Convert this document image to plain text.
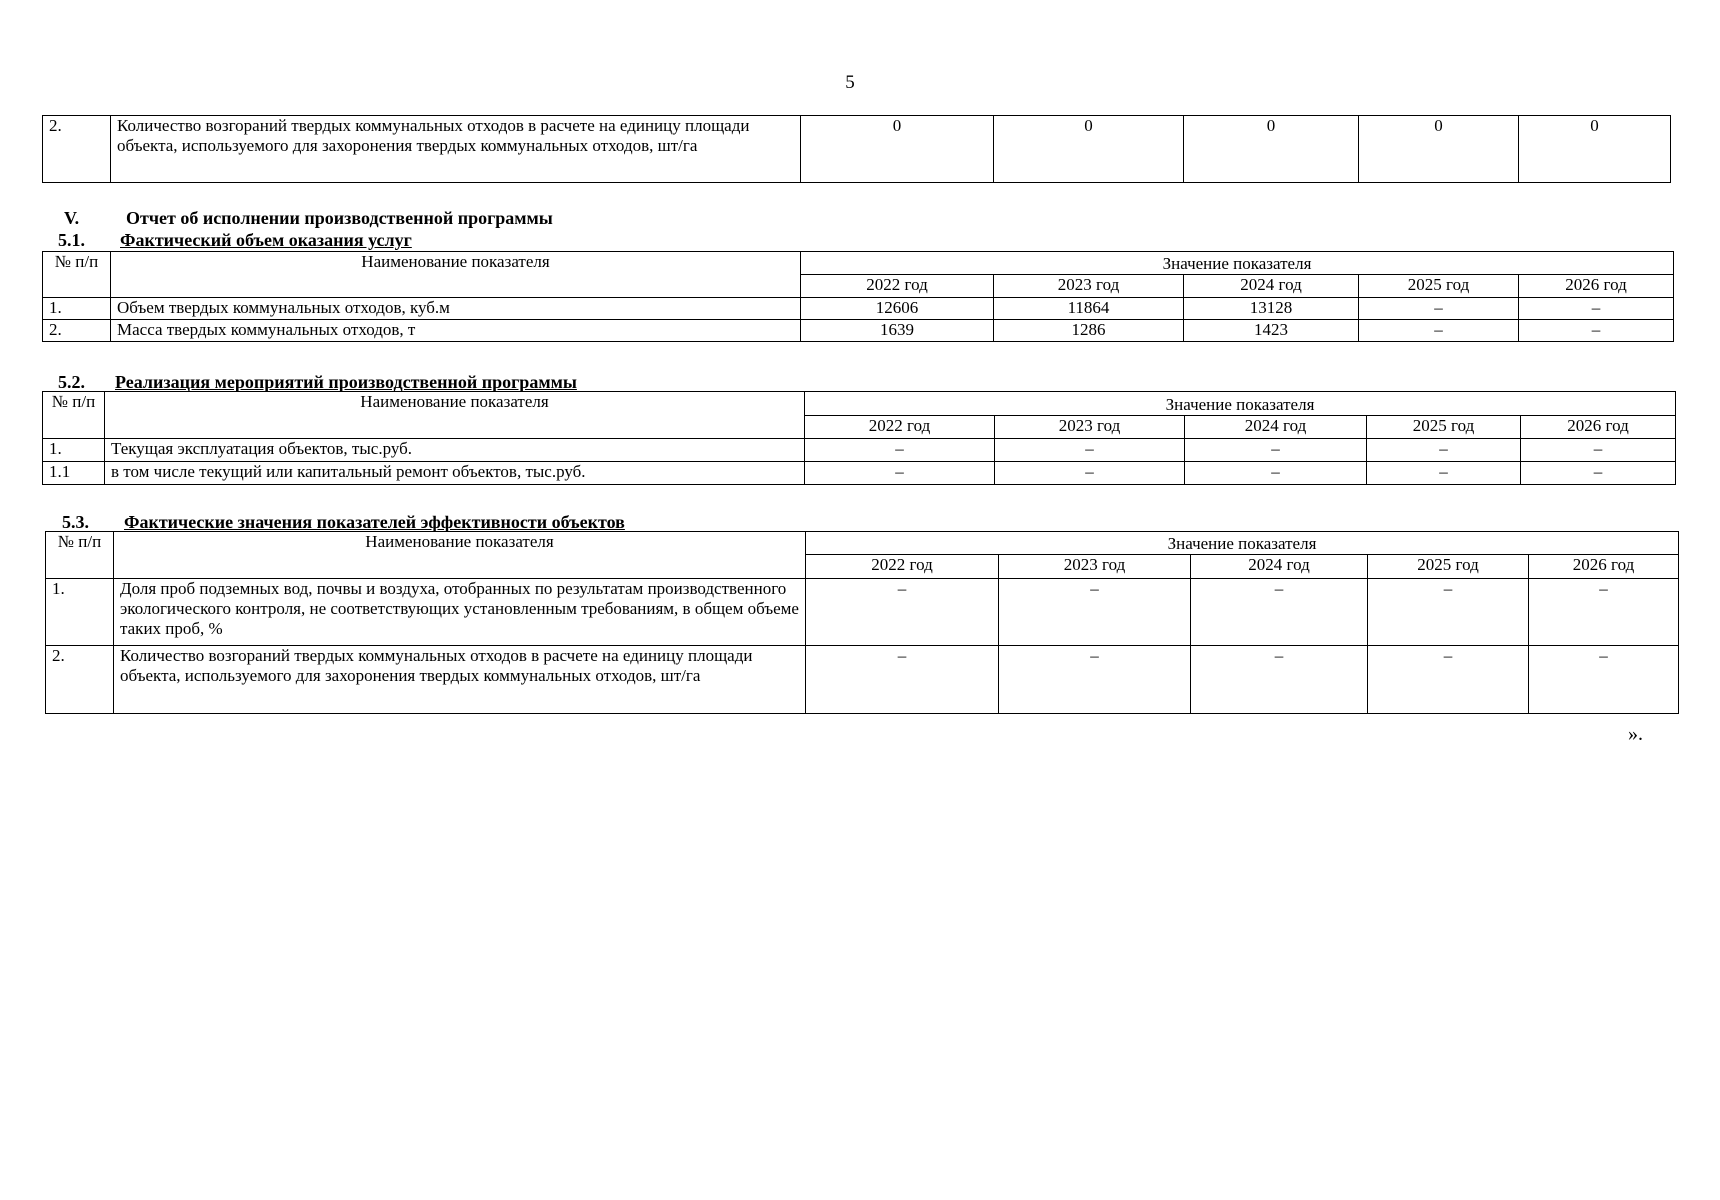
5
2.	Количество возгораний твердых коммунальных отходов в расчете на единицу площади объекта, используемого для захоронения твердых коммунальных отходов, шт/га	0	0	0	0	0
V.	Отчет об исполнении производственной программы
5.1. Фактический объем оказания услуг
№ п/п	Наименование показателя	Значение показателя				
		2022 год	2023 год	2024 год	2025 год	2026 год
1.	Объем твердых коммунальных отходов, куб.м	12606	11864	13128	–	–
2.	Масса твердых коммунальных отходов, т	1639	1286	1423	–	–
5.2. Реализация мероприятий производственной программы
№ п/п	Наименование показателя	Значение показателя				
		2022 год	2023 год	2024 год	2025 год	2026 год
1.	Текущая эксплуатация объектов, тыс.руб.	–	–	–	–	–
1.1	в том числе текущий или капитальный ремонт объектов, тыс.руб.	–	–	–	–	–
5.3. Фактические значения показателей эффективности объектов
№ п/п	Наименование показателя	Значение показателя				
		2022 год	2023 год	2024 год	2025 год	2026 год
1.	Доля проб подземных вод, почвы и воздуха, отобранных по результатам производственного экологического контроля, не соответствующих установленным требованиям, в общем объеме таких проб, %	–	–	–	–	–
2.	Количество возгораний твердых коммунальных отходов в расчете на единицу площади объекта, используемого для захоронения твердых коммунальных отходов, шт/га	–	–	–	–	–
».
